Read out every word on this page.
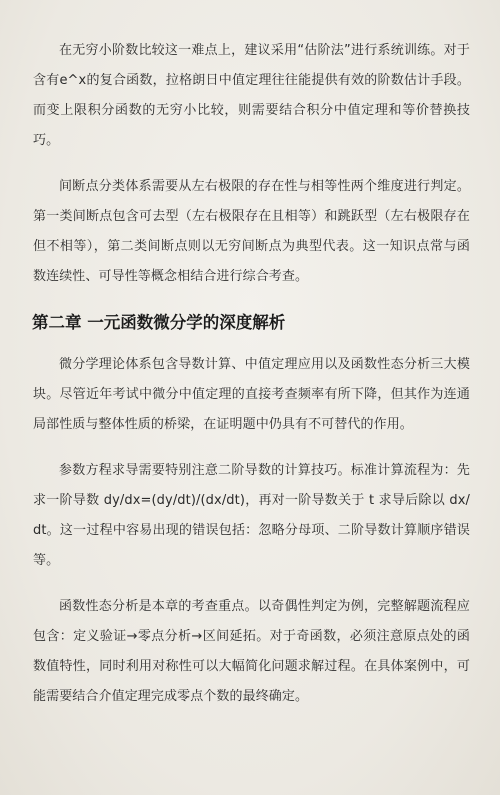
在无穷小阶数比较这一难点上，建议采用“估阶法”进行系统训练。对于含有e^x的复合函数，拉格朗日中值定理往往能提供有效的阶数估计手段。而变上限积分函数的无穷小比较，则需要结合积分中值定理和等价替换技巧。

间断点分类体系需要从左右极限的存在性与相等性两个维度进行判定。第一类间断点包含可去型（左右极限存在且相等）和跳跃型（左右极限存在但不相等），第二类间断点则以无穷间断点为典型代表。这一知识点常与函数连续性、可导性等概念相结合进行综合考查。

第二章 一元函数微分学的深度解析

微分学理论体系包含导数计算、中值定理应用以及函数性态分析三大模块。尽管近年考试中微分中值定理的直接考查频率有所下降，但其作为连通局部性质与整体性质的桥梁，在证明题中仍具有不可替代的作用。

参数方程求导需要特别注意二阶导数的计算技巧。标准计算流程为：先求一阶导数 dy/dx=(dy/dt)/(dx/dt)，再对一阶导数关于 t 求导后除以 dx/dt。这一过程中容易出现的错误包括：忽略分母项、二阶导数计算顺序错误等。

函数性态分析是本章的考查重点。以奇偶性判定为例，完整解题流程应包含：定义验证→零点分析→区间延拓。对于奇函数，必须注意原点处的函数值特性，同时利用对称性可以大幅简化问题求解过程。在具体案例中，可能需要结合介值定理完成零点个数的最终确定。
